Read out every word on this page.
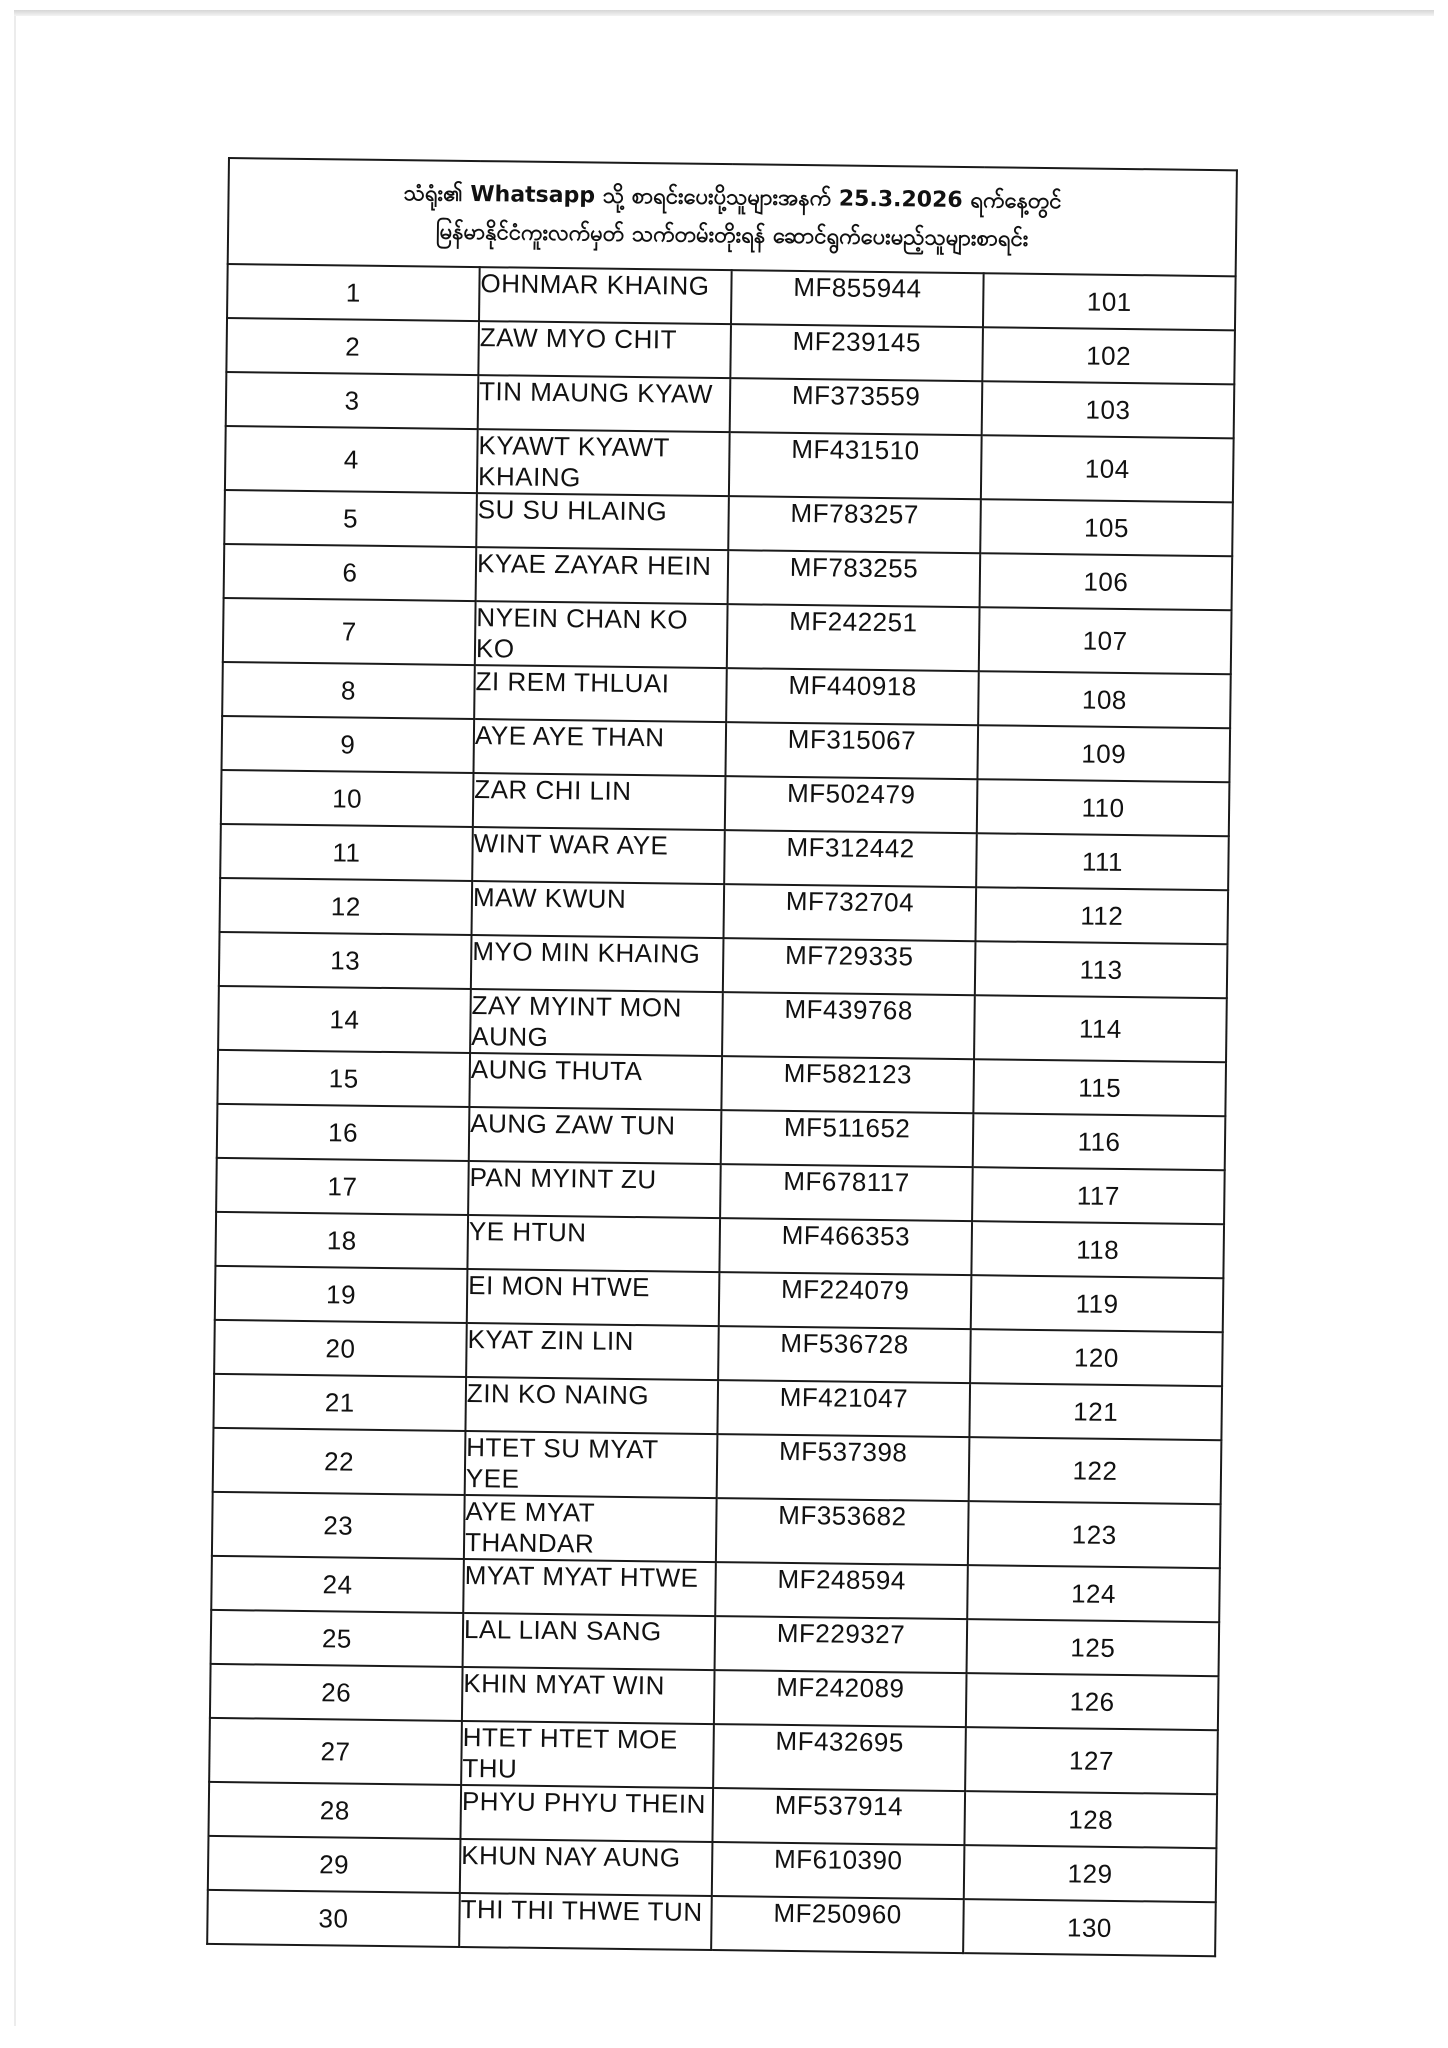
သံရုံး၏ Whatsapp သို့ စာရင်းပေးပို့သူများအနက် 25.3.2026 ရက်နေ့တွင်
မြန်မာနိုင်ငံကူးလက်မှတ် သက်တမ်းတိုးရန် ဆောင်ရွက်ပေးမည့်သူများစာရင်း			

1	OHNMAR KHAING	MF855944	101
2	ZAW MYO CHIT	MF239145	102
3	TIN MAUNG KYAW	MF373559	103
4	KYAWT KYAWT KHAING	MF431510	104
5	SU SU HLAING	MF783257	105
6	KYAE ZAYAR HEIN	MF783255	106
7	NYEIN CHAN KO KO	MF242251	107
8	ZI REM THLUAI	MF440918	108
9	AYE AYE THAN	MF315067	109
10	ZAR CHI LIN	MF502479	110
11	WINT WAR AYE	MF312442	111
12	MAW KWUN	MF732704	112
13	MYO MIN KHAING	MF729335	113
14	ZAY MYINT MON AUNG	MF439768	114
15	AUNG THUTA	MF582123	115
16	AUNG ZAW TUN	MF511652	116
17	PAN MYINT ZU	MF678117	117
18	YE HTUN	MF466353	118
19	EI MON HTWE	MF224079	119
20	KYAT ZIN LIN	MF536728	120
21	ZIN KO NAING	MF421047	121
22	HTET SU MYAT YEE	MF537398	122
23	AYE MYAT THANDAR	MF353682	123
24	MYAT MYAT HTWE	MF248594	124
25	LAL LIAN SANG	MF229327	125
26	KHIN MYAT WIN	MF242089	126
27	HTET HTET MOE THU	MF432695	127
28	PHYU PHYU THEIN	MF537914	128
29	KHUN NAY AUNG	MF610390	129
30	THI THI THWE TUN	MF250960	130
